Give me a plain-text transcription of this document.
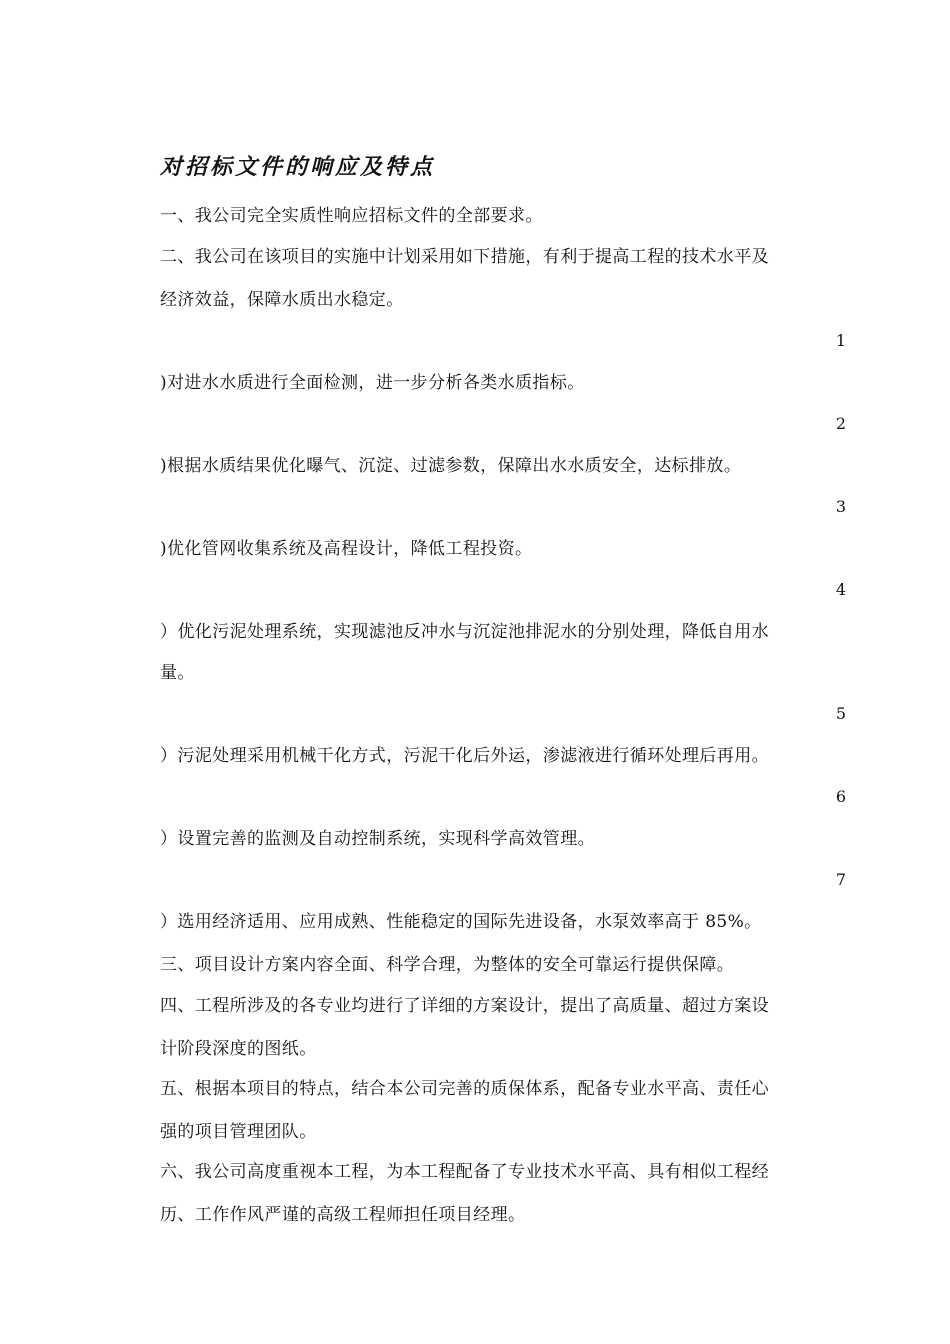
对招标文件的响应及特点
一、我公司完全实质性响应招标文件的全部要求。
二、我公司在该项目的实施中计划采用如下措施，有利于提高工程的技术水平及
经济效益，保障水质出水稳定。
1
)对进水水质进行全面检测，进一步分析各类水质指标。
2
)根据水质结果优化曝气、沉淀、过滤参数，保障出水水质安全，达标排放。
3
)优化管网收集系统及高程设计，降低工程投资。
4
）优化污泥处理系统，实现滤池反冲水与沉淀池排泥水的分别处理，降低自用水
量。
5
）污泥处理采用机械干化方式，污泥干化后外运，渗滤液进行循环处理后再用。
6
）设置完善的监测及自动控制系统，实现科学高效管理。
7
）选用经济适用、应用成熟、性能稳定的国际先进设备，水泵效率高于 85%。
三、项目设计方案内容全面、科学合理，为整体的安全可靠运行提供保障。
四、工程所涉及的各专业均进行了详细的方案设计，提出了高质量、超过方案设
计阶段深度的图纸。
五、根据本项目的特点，结合本公司完善的质保体系，配备专业水平高、责任心
强的项目管理团队。
六、我公司高度重视本工程，为本工程配备了专业技术水平高、具有相似工程经
历、工作作风严谨的高级工程师担任项目经理。
